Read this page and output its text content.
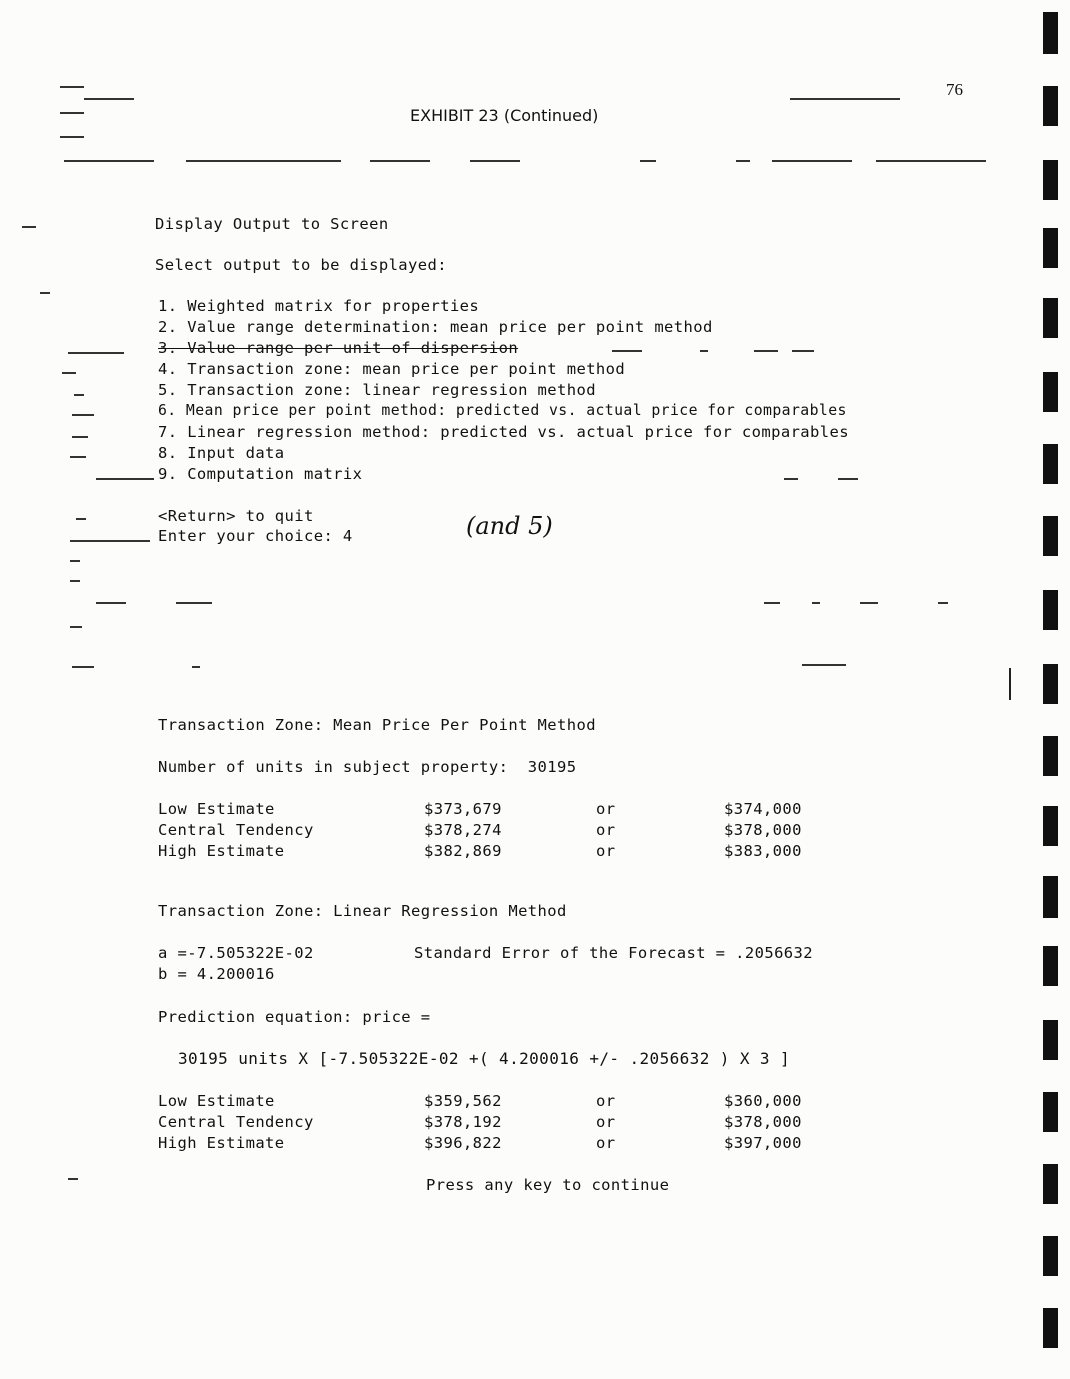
76
EXHIBIT 23 (Continued)
Display Output to Screen
Select output to be displayed:
1. Weighted matrix for properties
2. Value range determination: mean price per point method
3. Value range per unit of dispersion
4. Transaction zone: mean price per point method
5. Transaction zone: linear regression method
6. Mean price per point method: predicted vs. actual price for comparables
7. Linear regression method: predicted vs. actual price for comparables
8. Input data
9. Computation matrix
<Return> to quit
Enter your choice: 4	(and 5)
Transaction Zone: Mean Price Per Point Method
Number of units in subject property:  30195
Low Estimate	$373,679	or	$374,000
Central Tendency	$378,274	or	$378,000
High Estimate	$382,869	or	$383,000
Transaction Zone: Linear Regression Method
a =-7.505322E-02	Standard Error of the Forecast = .2056632
b = 4.200016
Prediction equation: price =
30195 units X [-7.505322E-02 +( 4.200016 +/- .2056632 ) X 3 ]
Low Estimate	$359,562	or	$360,000
Central Tendency	$378,192	or	$378,000
High Estimate	$396,822	or	$397,000
Press any key to continue
